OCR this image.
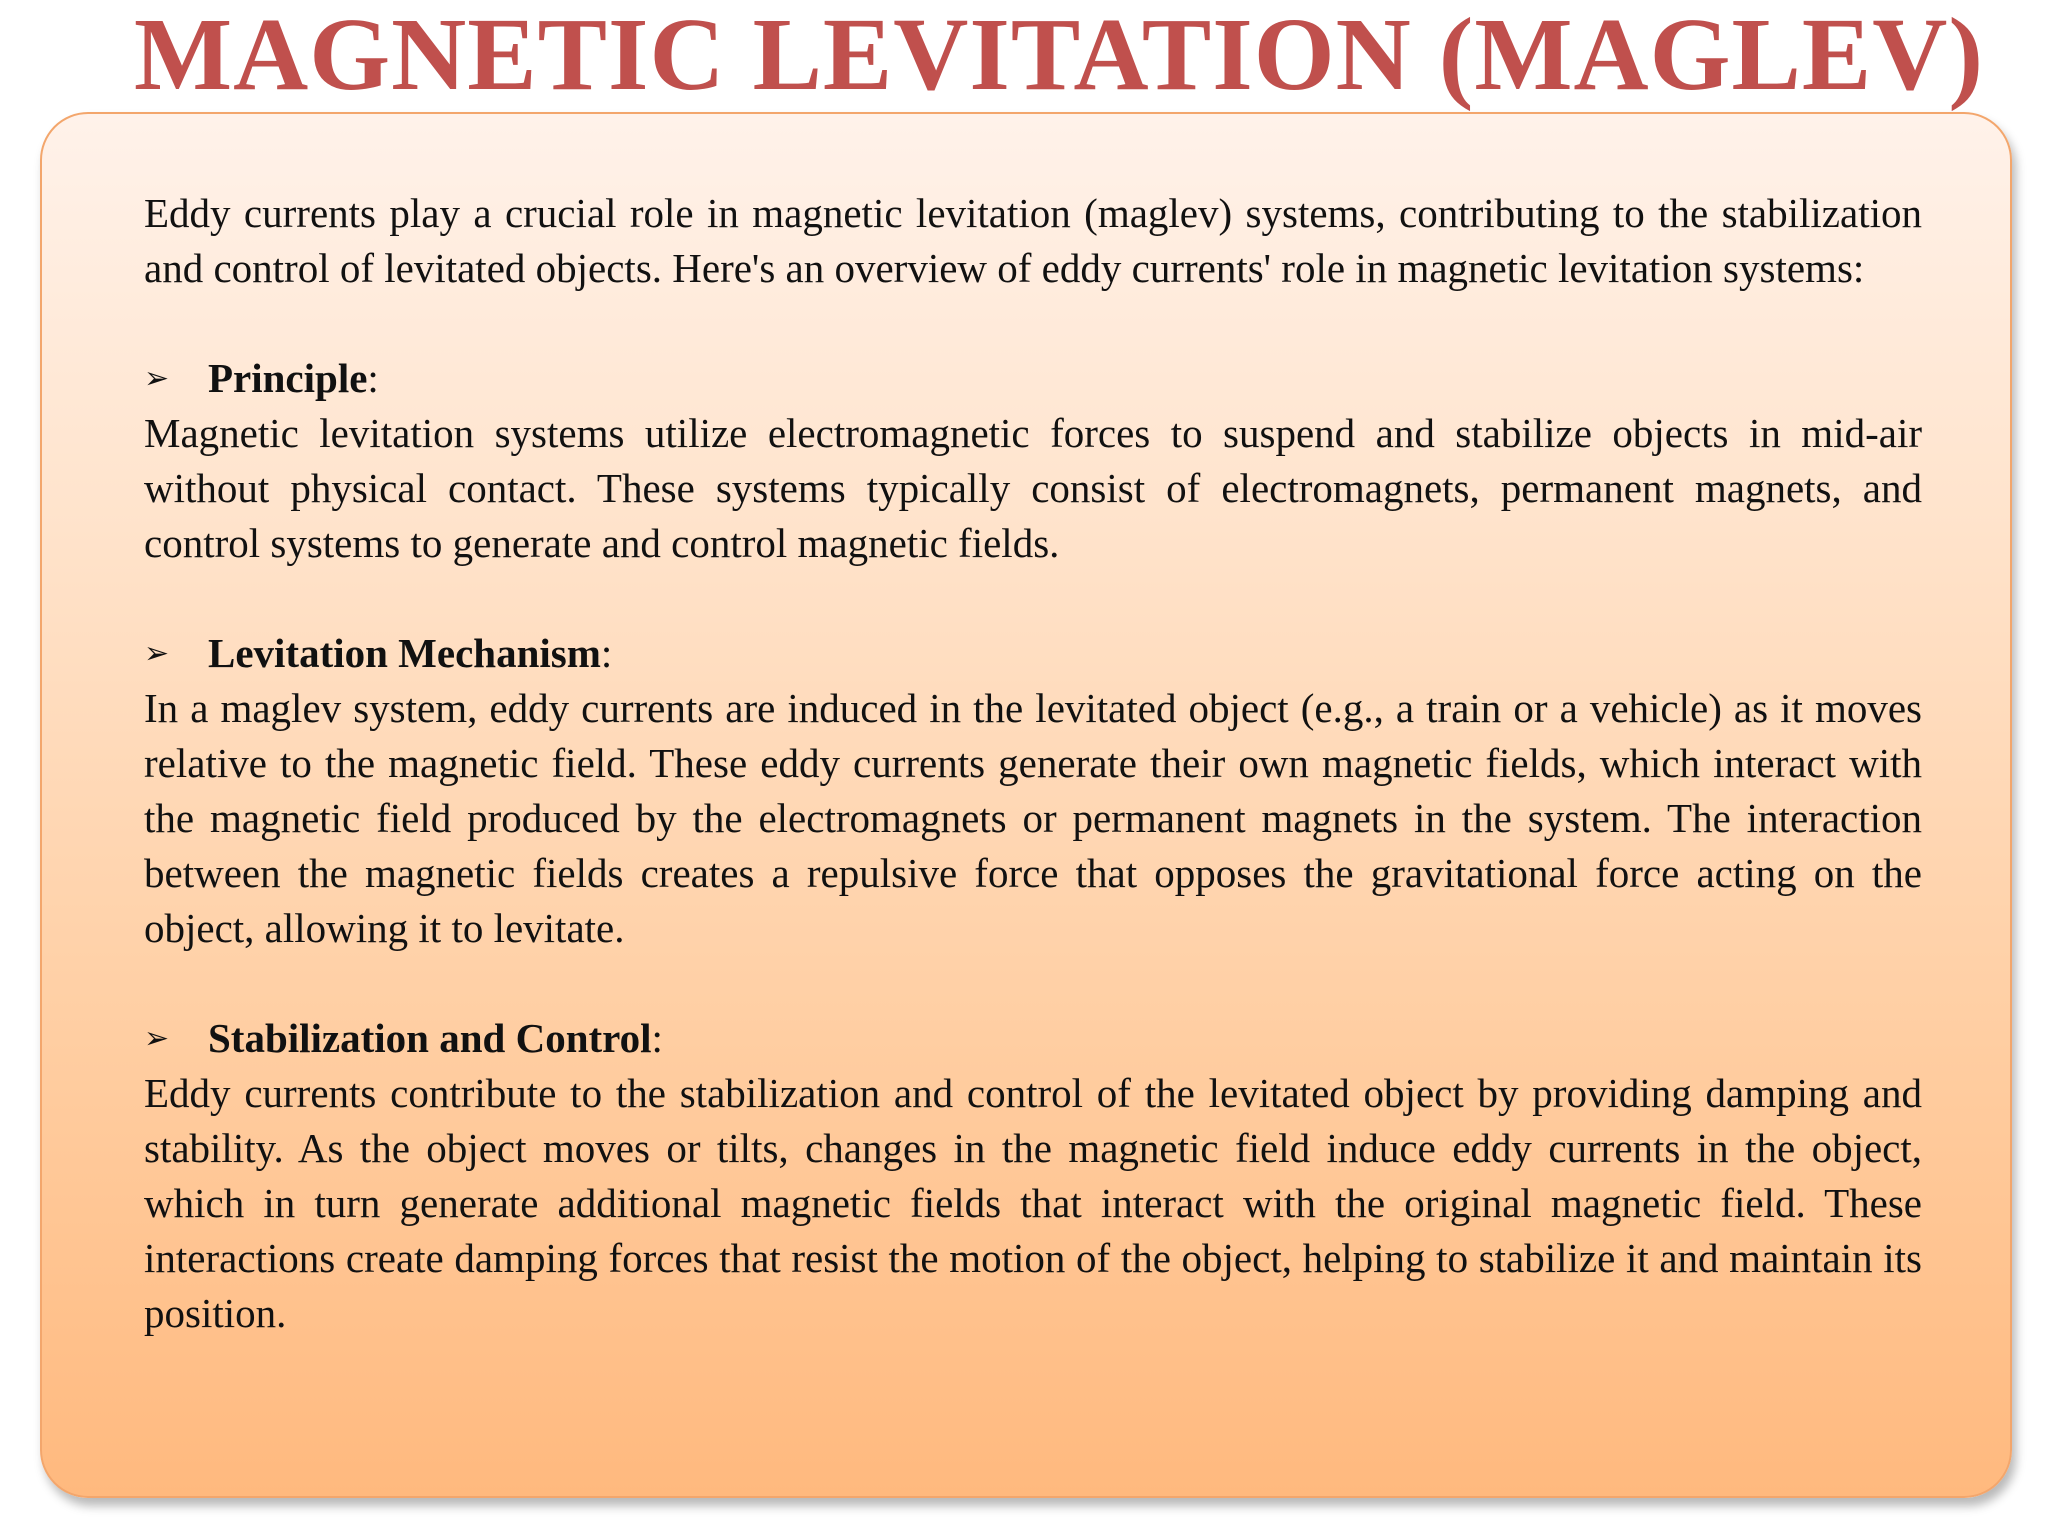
MAGNETIC LEVITATION (MAGLEV)

Eddy currents play a crucial role in magnetic levitation (maglev) systems, contributing to the stabilization and control of levitated objects. Here's an overview of eddy currents' role in magnetic levitation systems:

➢ Principle :

Magnetic levitation systems utilize electromagnetic forces to suspend and stabilize objects in mid-air without physical contact. These systems typically consist of electromagnets, permanent magnets, and control systems to generate and control magnetic fields.

➢ Levitation Mechanism :

In a maglev system, eddy currents are induced in the levitated object (e.g., a train or a vehicle) as it moves relative to the magnetic field. These eddy currents generate their own magnetic fields, which interact with the magnetic field produced by the electromagnets or permanent magnets in the system. The interaction between the magnetic fields creates a repulsive force that opposes the gravitational force acting on the object, allowing it to levitate.

➢ Stabilization and Control :

Eddy currents contribute to the stabilization and control of the levitated object by providing damping and stability. As the object moves or tilts, changes in the magnetic field induce eddy currents in the object, which in turn generate additional magnetic fields that interact with the original magnetic field. These interactions create damping forces that resist the motion of the object, helping to stabilize it and maintain its position.
